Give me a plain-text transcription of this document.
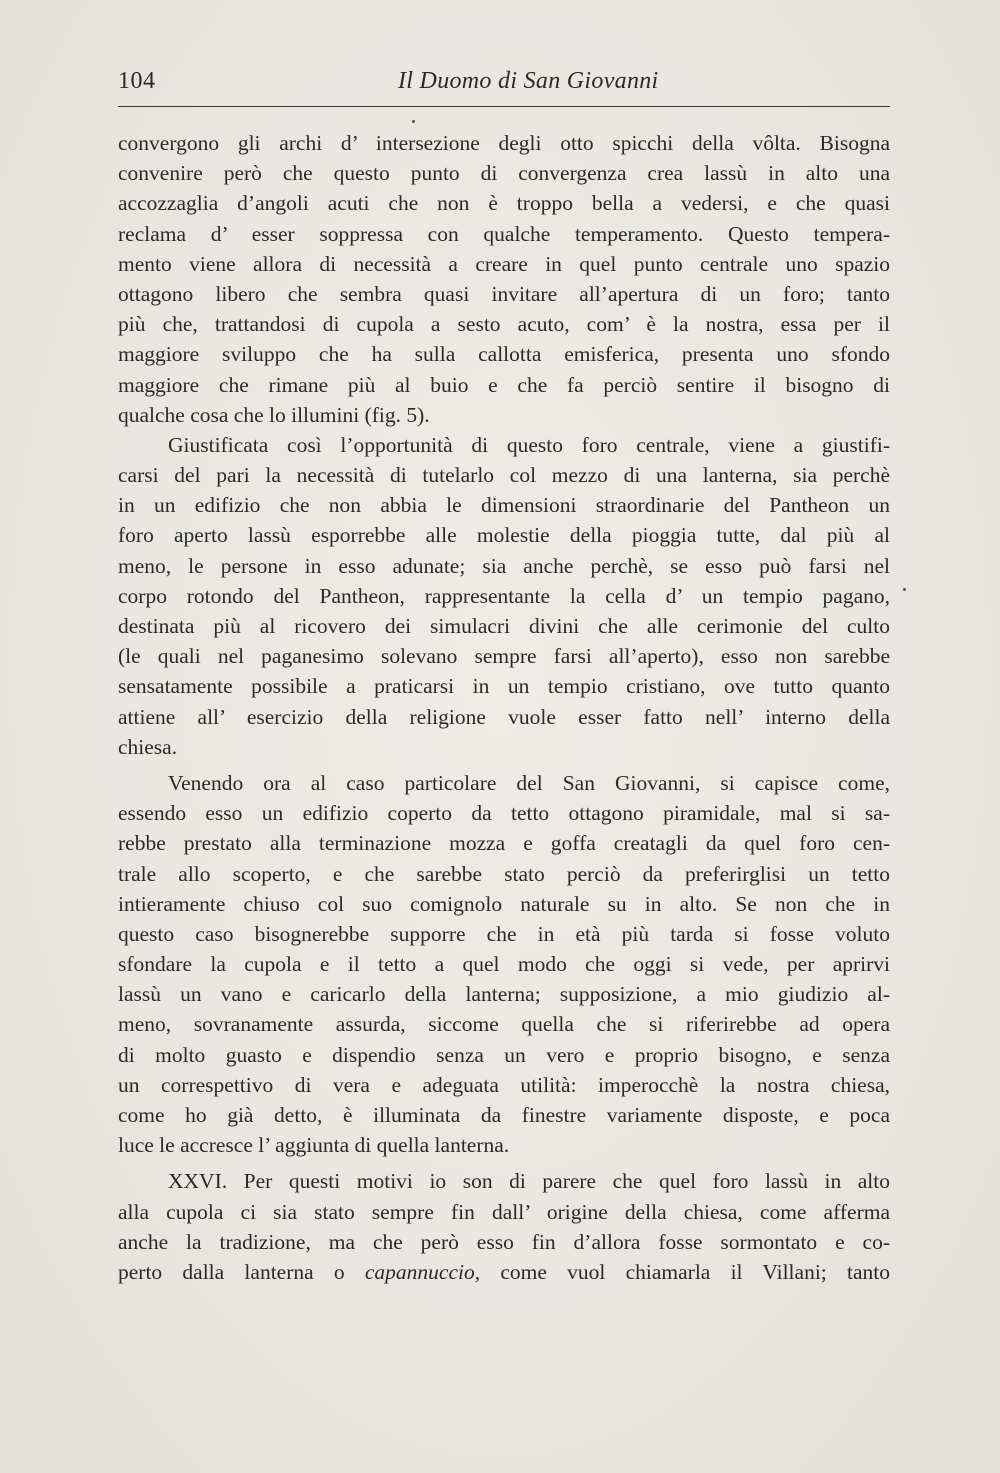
104	Il Duomo di San Giovanni
convergono gli archi d’ intersezione degli otto spicchi della vôlta. Bisogna
convenire però che questo punto di convergenza crea lassù in alto una
accozzaglia d’angoli acuti che non è troppo bella a vedersi, e che quasi
reclama d’ esser soppressa con qualche temperamento. Questo tempera-
mento viene allora di necessità a creare in quel punto centrale uno spazio
ottagono libero che sembra quasi invitare all’apertura di un foro; tanto
più che, trattandosi di cupola a sesto acuto, com’ è la nostra, essa per il
maggiore sviluppo che ha sulla callotta emisferica, presenta uno sfondo
maggiore che rimane più al buio e che fa perciò sentire il bisogno di
qualche cosa che lo illumini (fig. 5).
Giustificata così l’opportunità di questo foro centrale, viene a giustifi-
carsi del pari la necessità di tutelarlo col mezzo di una lanterna, sia perchè
in un edifizio che non abbia le dimensioni straordinarie del Pantheon un
foro aperto lassù esporrebbe alle molestie della pioggia tutte, dal più al
meno, le persone in esso adunate; sia anche perchè, se esso può farsi nel
corpo rotondo del Pantheon, rappresentante la cella d’ un tempio pagano,
destinata più al ricovero dei simulacri divini che alle cerimonie del culto
(le quali nel paganesimo solevano sempre farsi all’aperto), esso non sarebbe
sensatamente possibile a praticarsi in un tempio cristiano, ove tutto quanto
attiene all’ esercizio della religione vuole esser fatto nell’ interno della
chiesa.
Venendo ora al caso particolare del San Giovanni, si capisce come,
essendo esso un edifizio coperto da tetto ottagono piramidale, mal si sa-
rebbe prestato alla terminazione mozza e goffa creatagli da quel foro cen-
trale allo scoperto, e che sarebbe stato perciò da preferirglisi un tetto
intieramente chiuso col suo comignolo naturale su in alto. Se non che in
questo caso bisognerebbe supporre che in età più tarda si fosse voluto
sfondare la cupola e il tetto a quel modo che oggi si vede, per aprirvi
lassù un vano e caricarlo della lanterna; supposizione, a mio giudizio al-
meno, sovranamente assurda, siccome quella che si riferirebbe ad opera
di molto guasto e dispendio senza un vero e proprio bisogno, e senza
un correspettivo di vera e adeguata utilità: imperocchè la nostra chiesa,
come ho già detto, è illuminata da finestre variamente disposte, e poca
luce le accresce l’ aggiunta di quella lanterna.
XXVI. Per questi motivi io son di parere che quel foro lassù in alto
alla cupola ci sia stato sempre fin dall’ origine della chiesa, come afferma
anche la tradizione, ma che però esso fin d’allora fosse sormontato e co-
perto dalla lanterna o capannuccio, come vuol chiamarla il Villani; tanto
